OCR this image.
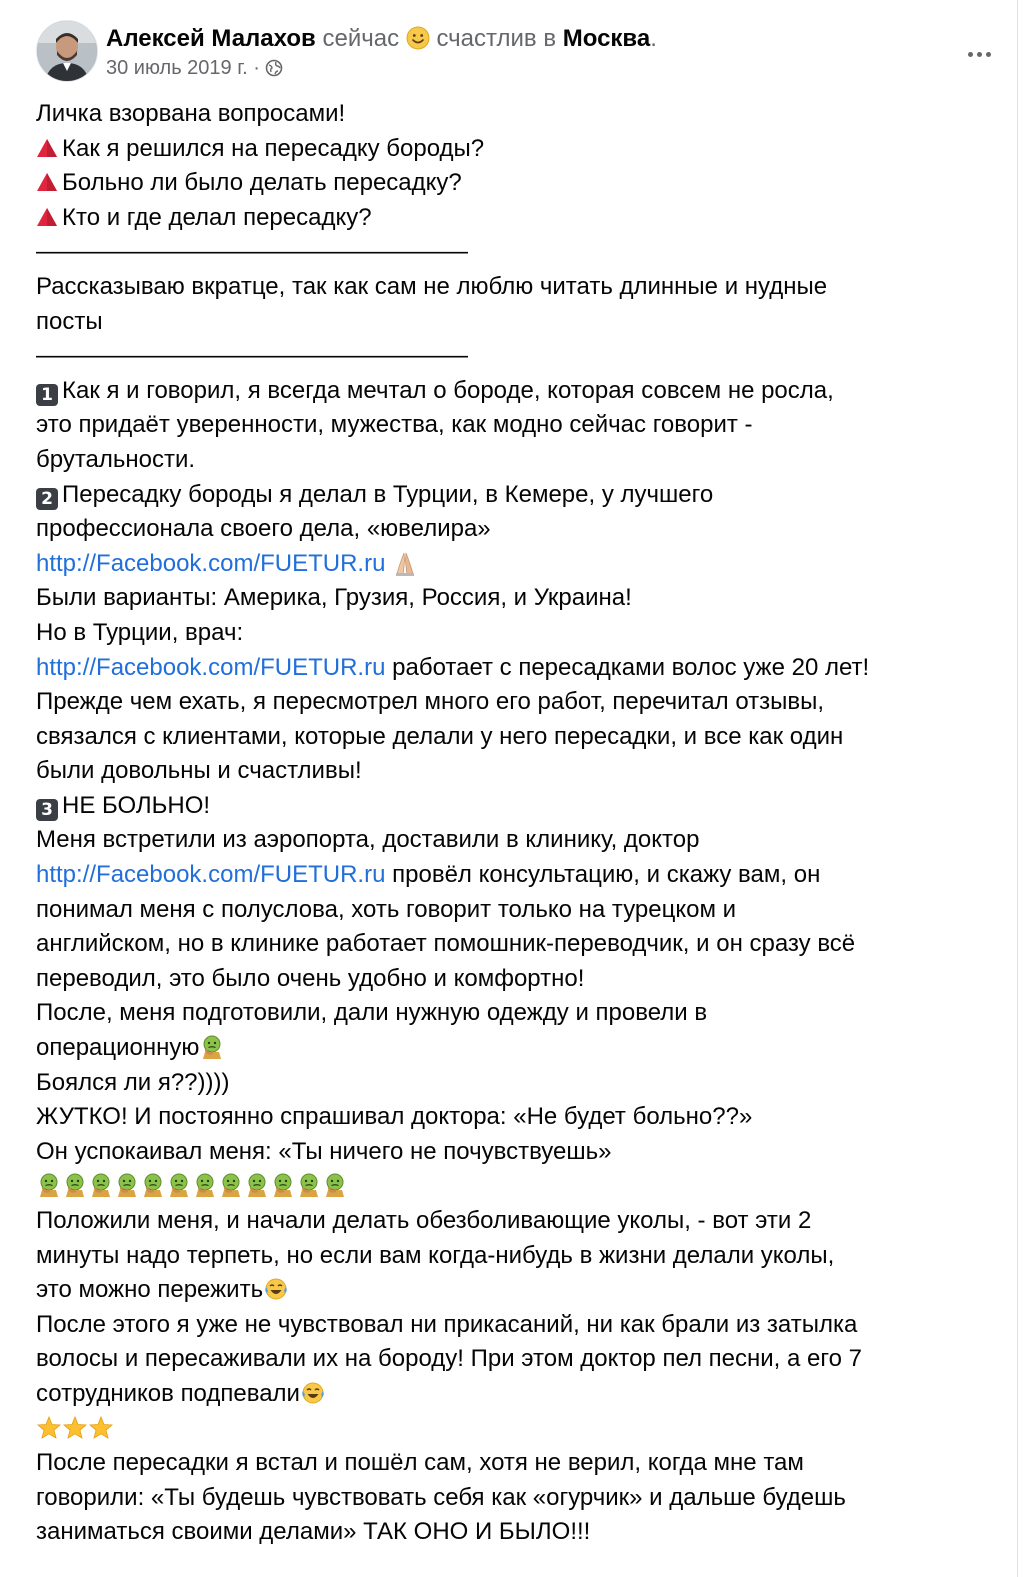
Алексей Малахов сейчас счастлив в Москва.
30 июль 2019 г. ·
Личка взорвана вопросами!
Как я решился на пересадку бороды?
Больно ли было делать пересадку?
Кто и где делал пересадку?
——————————————————
Рассказываю вкратце, так как сам не люблю читать длинные и нудные
посты
——————————————————
1 Как я и говорил, я всегда мечтал о бороде, которая совсем не росла,
это придаёт уверенности, мужества, как модно сейчас говорит -
брутальности.
2 Пересадку бороды я делал в Турции, в Кемере, у лучшего
профессионала своего дела, «ювелира»
http://Facebook.com/FUETUR.ru
Были варианты: Америка, Грузия, Россия, и Украина!
Но в Турции, врач:
http://Facebook.com/FUETUR.ru работает с пересадками волос уже 20 лет!
Прежде чем ехать, я пересмотрел много его работ, перечитал отзывы,
связался с клиентами, которые делали у него пересадки, и все как один
были довольны и счастливы!
3 НЕ БОЛЬНО!
Меня встретили из аэропорта, доставили в клинику, доктор
http://Facebook.com/FUETUR.ru провёл консультацию, и скажу вам, он
понимал меня с полуслова, хоть говорит только на турецком и
английском, но в клинике работает помошник-переводчик, и он сразу всё
переводил, это было очень удобно и комфортно!
После, меня подготовили, дали нужную одежду и провели в
операционную
Боялся ли я??))))
ЖУТКО! И постоянно спрашивал доктора: «Не будет больно??»
Он успокаивал меня: «Ты ничего не почувствуешь»
Положили меня, и начали делать обезболивающие уколы, - вот эти 2
минуты надо терпеть, но если вам когда-нибудь в жизни делали уколы,
это можно пережить
После этого я уже не чувствовал ни прикасаний, ни как брали из затылка
волосы и пересаживали их на бороду! При этом доктор пел песни, а его 7
сотрудников подпевали
После пересадки я встал и пошёл сам, хотя не верил, когда мне там
говорили: «Ты будешь чувствовать себя как «огурчик» и дальше будешь
заниматься своими делами» ТАК ОНО И БЫЛО!!!
